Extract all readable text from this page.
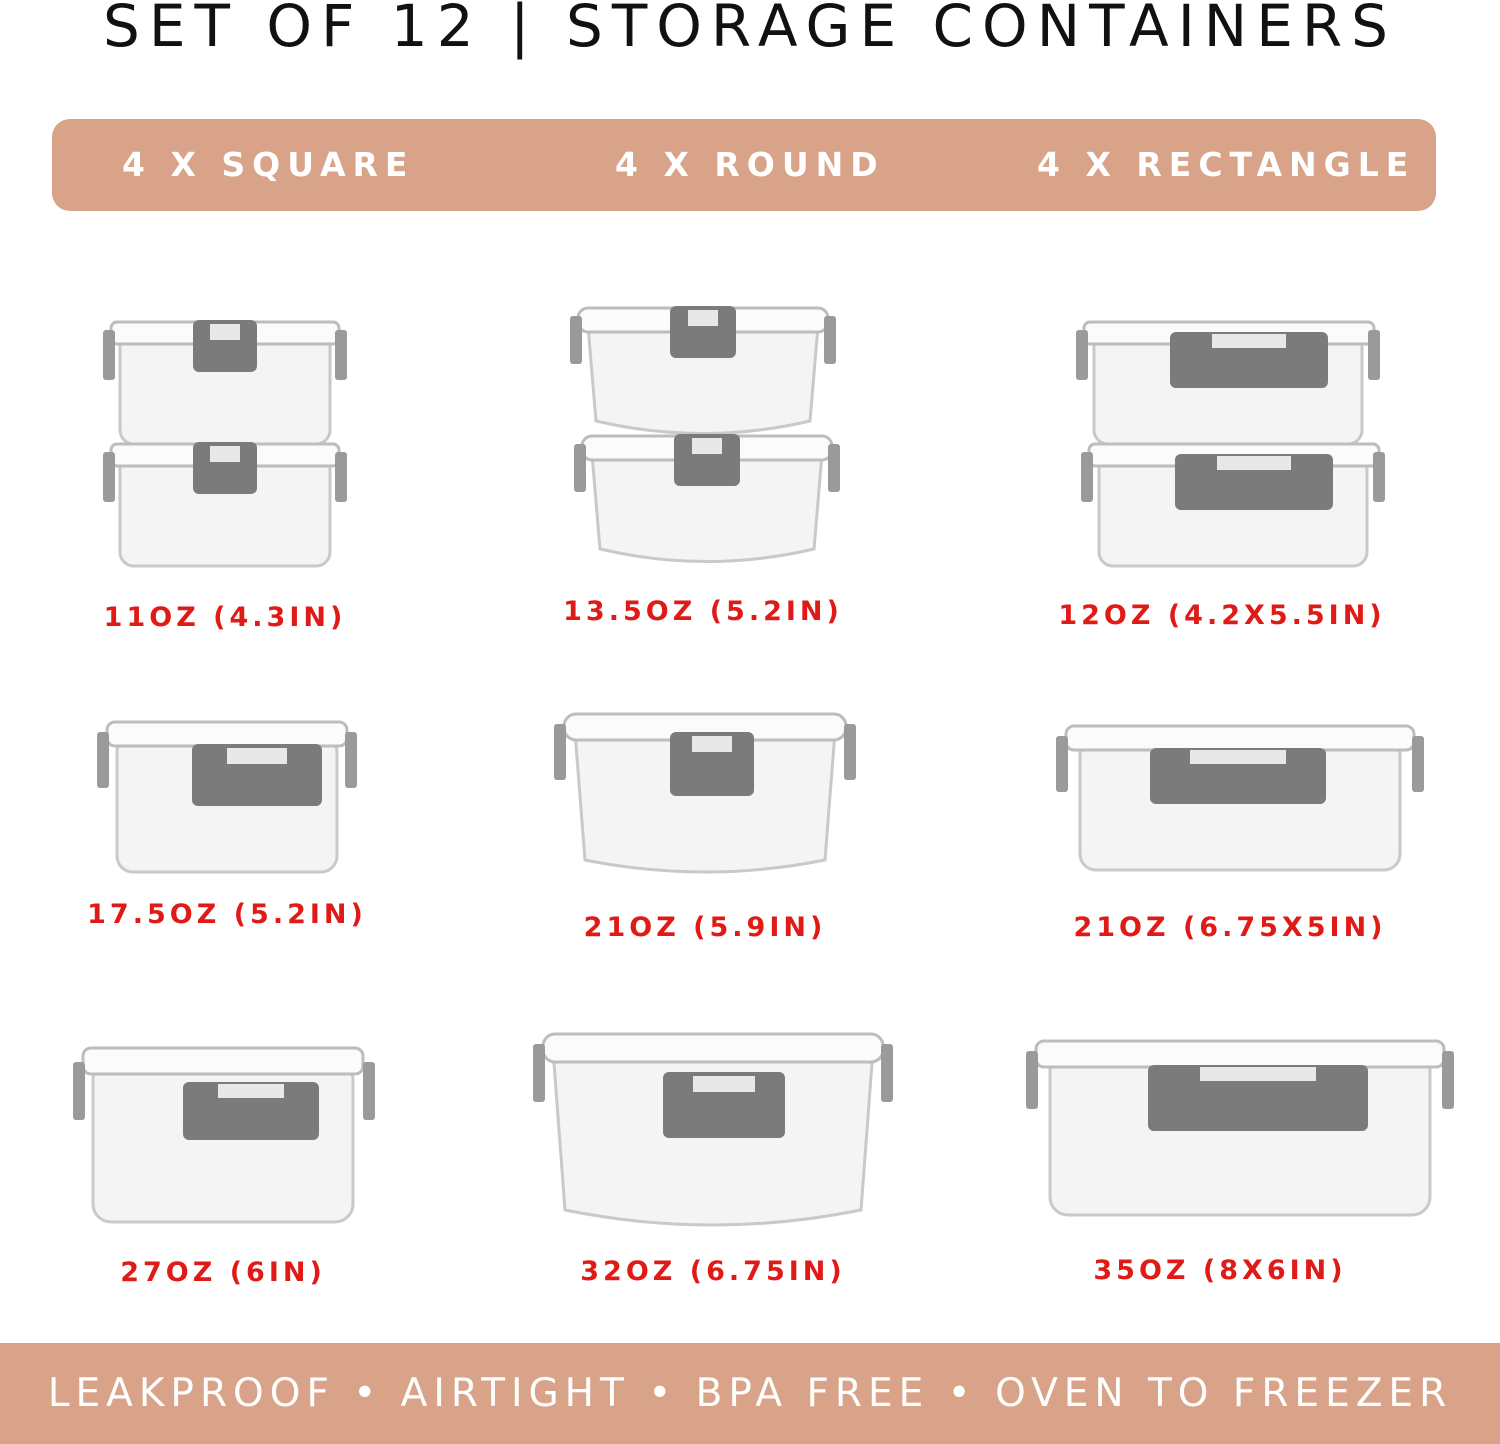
SET OF 12 | STORAGE CONTAINERS
4 X SQUARE	4 X ROUND	4 X RECTANGLE
11OZ (4.3IN)	13.5OZ (5.2IN)	12OZ (4.2X5.5IN)
17.5OZ (5.2IN)	21OZ (5.9IN)	21OZ (6.75X5IN)
27OZ (6IN)	32OZ (6.75IN)	35OZ (8X6IN)
LEAKPROOF • AIRTIGHT • BPA FREE • OVEN TO FREEZER
